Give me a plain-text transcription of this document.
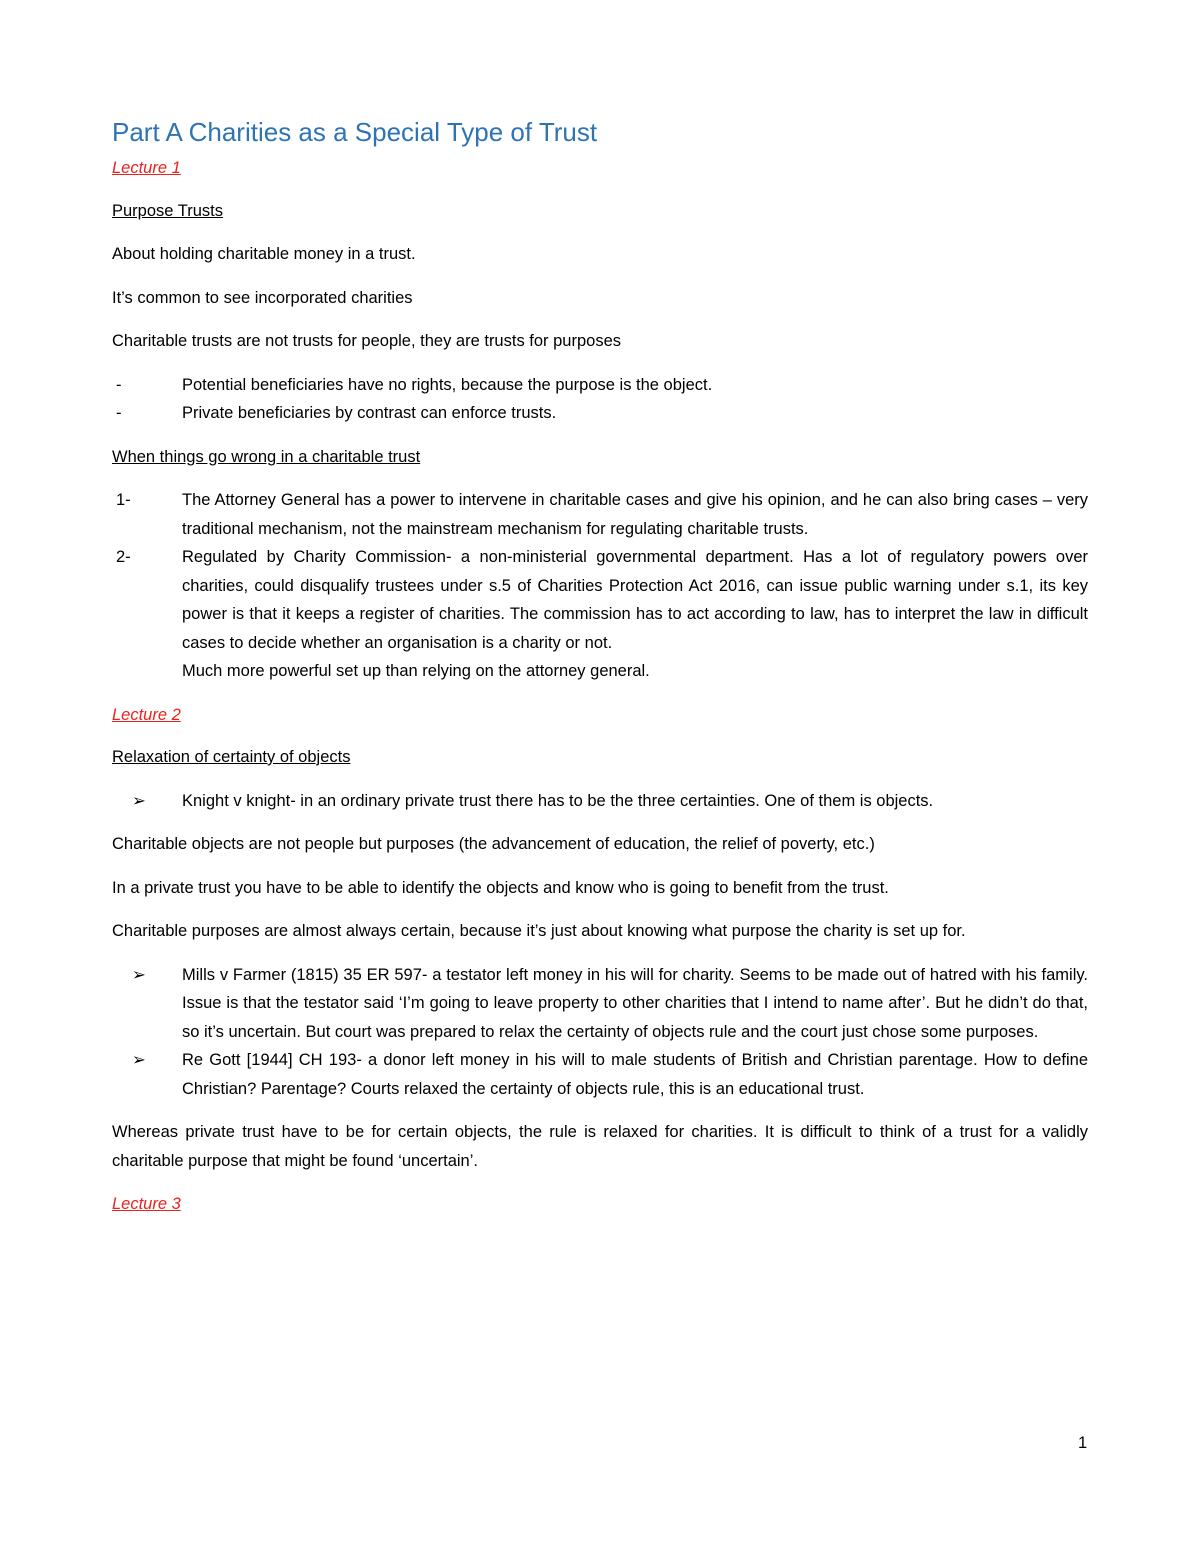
Part A Charities as a Special Type of Trust
Lecture 1
Purpose Trusts

About holding charitable money in a trust.

It’s common to see incorporated charities

Charitable trusts are not trusts for people, they are trusts for purposes

-	Potential beneficiaries have no rights, because the purpose is the object.
-	Private beneficiaries by contrast can enforce trusts.
When things go wrong in a charitable trust
1-	The Attorney General has a power to intervene in charitable cases and give his opinion, and he can also bring cases – very traditional mechanism, not the mainstream mechanism for regulating charitable trusts.
2-	Regulated by Charity Commission- a non-ministerial governmental department. Has a lot of regulatory powers over charities, could disqualify trustees under s.5 of Charities Protection Act 2016, can issue public warning under s.1, its key power is that it keeps a register of charities. The commission has to act according to law, has to interpret the law in difficult cases to decide whether an organisation is a charity or not.
Much more powerful set up than relying on the attorney general.
Lecture 2
Relaxation of certainty of objects
➢ Knight v knight- in an ordinary private trust there has to be the three certainties. One of them is objects.

Charitable objects are not people but purposes (the advancement of education, the relief of poverty, etc.)

In a private trust you have to be able to identify the objects and know who is going to benefit from the trust.

Charitable purposes are almost always certain, because it’s just about knowing what purpose the charity is set up for.

➢ Mills v Farmer (1815) 35 ER 597- a testator left money in his will for charity. Seems to be made out of hatred with his family. Issue is that the testator said ‘I’m going to leave property to other charities that I intend to name after’. But he didn’t do that, so it’s uncertain. But court was prepared to relax the certainty of objects rule and the court just chose some purposes.
➢ Re Gott [1944] CH 193- a donor left money in his will to male students of British and Christian parentage. How to define Christian? Parentage? Courts relaxed the certainty of objects rule, this is an educational trust.

Whereas private trust have to be for certain objects, the rule is relaxed for charities. It is difficult to think of a trust for a validly charitable purpose that might be found ‘uncertain’.

Lecture 3
1
